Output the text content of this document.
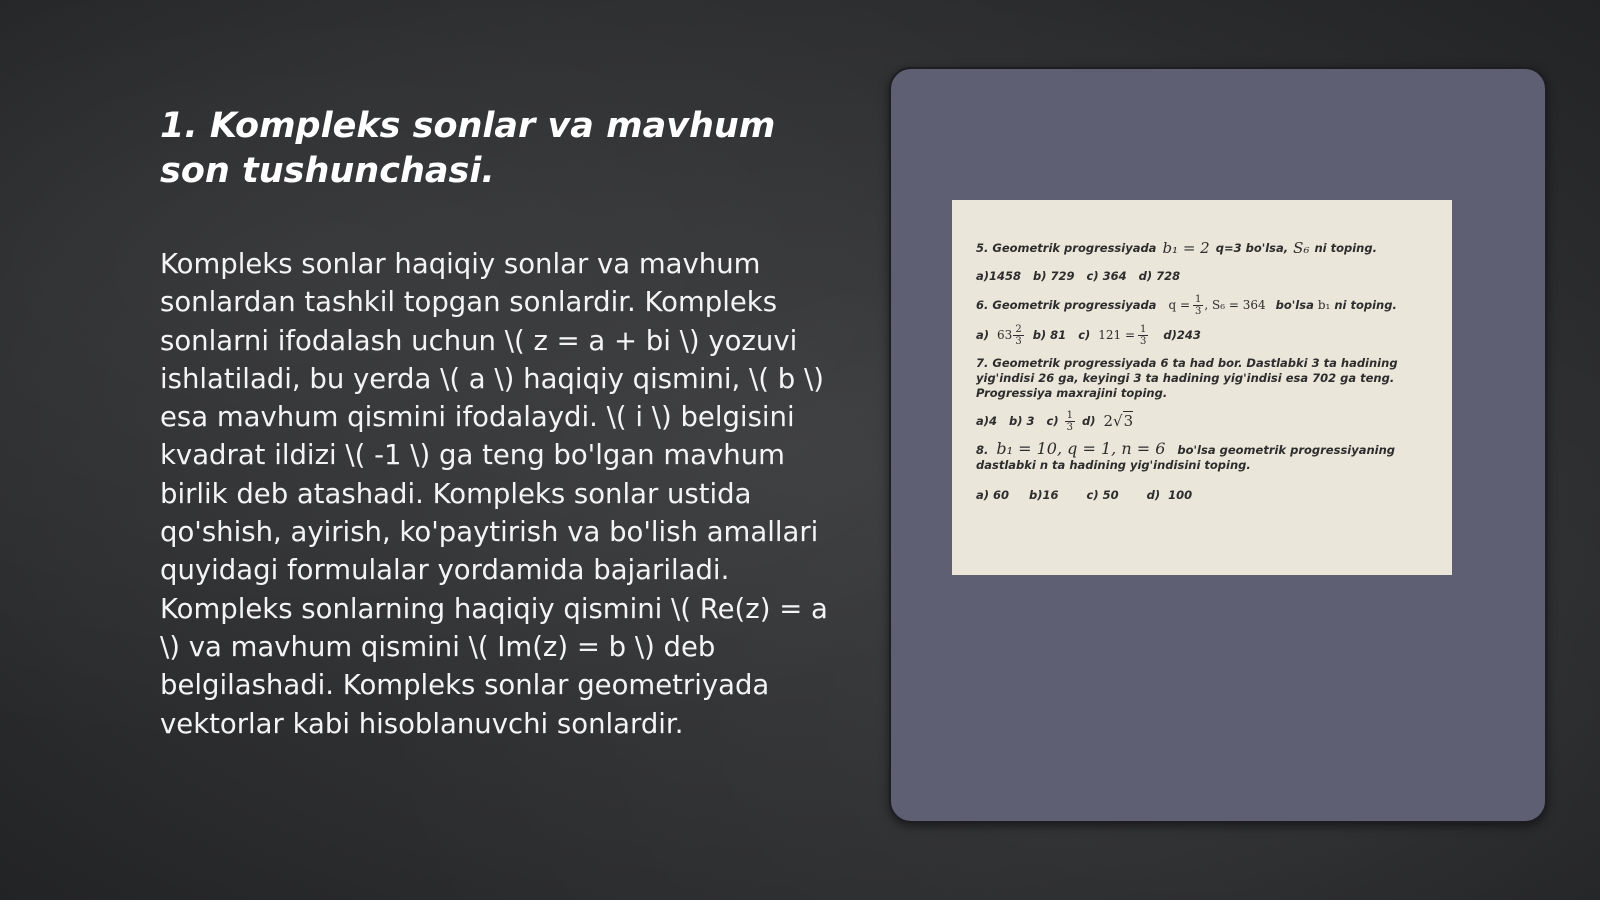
1. Kompleks sonlar va mavhum son tushunchasi.

Kompleks sonlar haqiqiy sonlar va mavhum sonlardan tashkil topgan sonlardir. Kompleks sonlarni ifodalash uchun \( z = a + bi \) yozuvi ishlatiladi, bu yerda \( a \) haqiqiy qismini, \( b \) esa mavhum qismini ifodalaydi. \( i \) belgisini kvadrat ildizi \( -1 \) ga teng bo'lgan mavhum birlik deb atashadi. Kompleks sonlar ustida qo'shish, ayirish, ko'paytirish va bo'lish amallari quyidagi formulalar yordamida bajariladi. Kompleks sonlarning haqiqiy qismini \( Re(z) = a \) va mavhum qismini \( Im(z) = b \) deb belgilashadi. Kompleks sonlar geometriyada vektorlar kabi hisoblanuvchi sonlardir.

5. Geometrik progressiyada b₁ = 2 q=3 bo'lsa, S₆ ni toping.
a)1458   b) 729   c) 364   d) 728
6. Geometrik progressiyada $q = \frac{1}{3}$ , S₆ = 364 bo'lsa b₁ ni toping.
a) $63 \frac{2}{3} b$) 81 c) $121 = \frac{1}{3} d)243$

7. Geometrik progressiyada 6 ta had bor. Dastlabki 3 ta hadining yig'indisi 26 ga, keyingi 3 ta hadining yig'indisi esa 702 ga teng. Progressiya maxrajini toping.

a)4   b) 3   $c) \frac{1}{3} d$) 2√3
8. b₁ = 10, q = 1, n = 6 bo'lsa geometrik progressiyaning dastlabki n ta hadining yig'indisini toping.
a) 60     b)16       c) 50       d)  100
